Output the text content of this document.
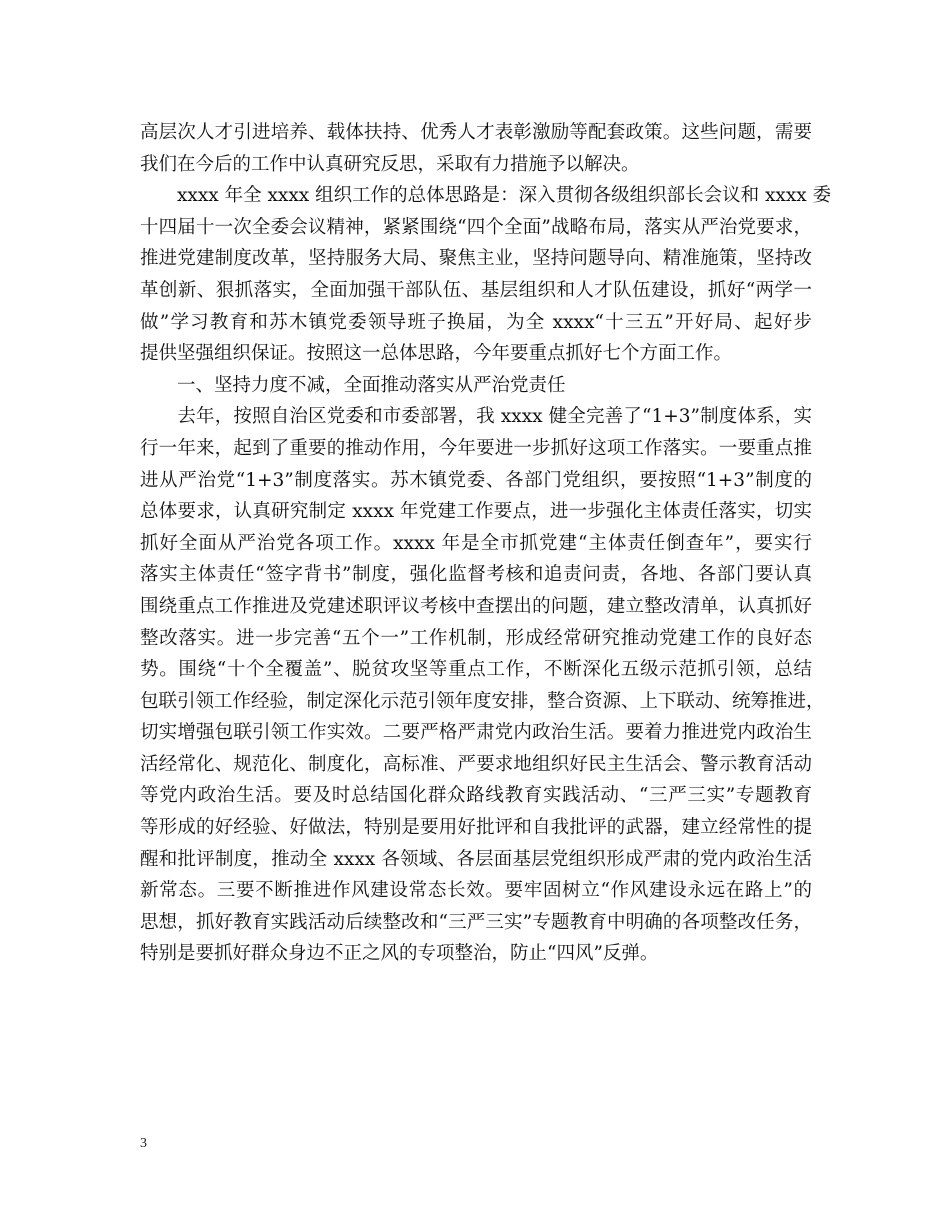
高层次人才引进培养、载体扶持、优秀人才表彰激励等配套政策。这些问题，需要
我们在今后的工作中认真研究反思，采取有力措施予以解决。
　　xxxx 年全 xxxx 组织工作的总体思路是：深入贯彻各级组织部长会议和 xxxx 委
十四届十一次全委会议精神，紧紧围绕“四个全面”战略布局，落实从严治党要求，
推进党建制度改革，坚持服务大局、聚焦主业，坚持问题导向、精准施策，坚持改
革创新、狠抓落实，全面加强干部队伍、基层组织和人才队伍建设，抓好“两学一
做”学习教育和苏木镇党委领导班子换届，为全 xxxx“十三五”开好局、起好步
提供坚强组织保证。按照这一总体思路，今年要重点抓好七个方面工作。
　　一、坚持力度不减，全面推动落实从严治党责任
　　去年，按照自治区党委和市委部署，我 xxxx 健全完善了“1+3”制度体系，实
行一年来，起到了重要的推动作用，今年要进一步抓好这项工作落实。一要重点推
进从严治党“1+3”制度落实。苏木镇党委、各部门党组织，要按照“1+3”制度的
总体要求，认真研究制定 xxxx 年党建工作要点，进一步强化主体责任落实，切实
抓好全面从严治党各项工作。xxxx 年是全市抓党建“主体责任倒查年”，要实行
落实主体责任“签字背书”制度，强化监督考核和追责问责，各地、各部门要认真
围绕重点工作推进及党建述职评议考核中查摆出的问题，建立整改清单，认真抓好
整改落实。进一步完善“五个一”工作机制，形成经常研究推动党建工作的良好态
势。围绕“十个全覆盖”、脱贫攻坚等重点工作，不断深化五级示范抓引领，总结
包联引领工作经验，制定深化示范引领年度安排，整合资源、上下联动、统筹推进，
切实增强包联引领工作实效。二要严格严肃党内政治生活。要着力推进党内政治生
活经常化、规范化、制度化，高标准、严要求地组织好民主生活会、警示教育活动
等党内政治生活。要及时总结国化群众路线教育实践活动、“三严三实”专题教育
等形成的好经验、好做法，特别是要用好批评和自我批评的武器，建立经常性的提
醒和批评制度，推动全 xxxx 各领域、各层面基层党组织形成严肃的党内政治生活
新常态。三要不断推进作风建设常态长效。要牢固树立“作风建设永远在路上”的
思想，抓好教育实践活动后续整改和“三严三实”专题教育中明确的各项整改任务，
特别是要抓好群众身边不正之风的专项整治，防止“四风”反弹。
3
